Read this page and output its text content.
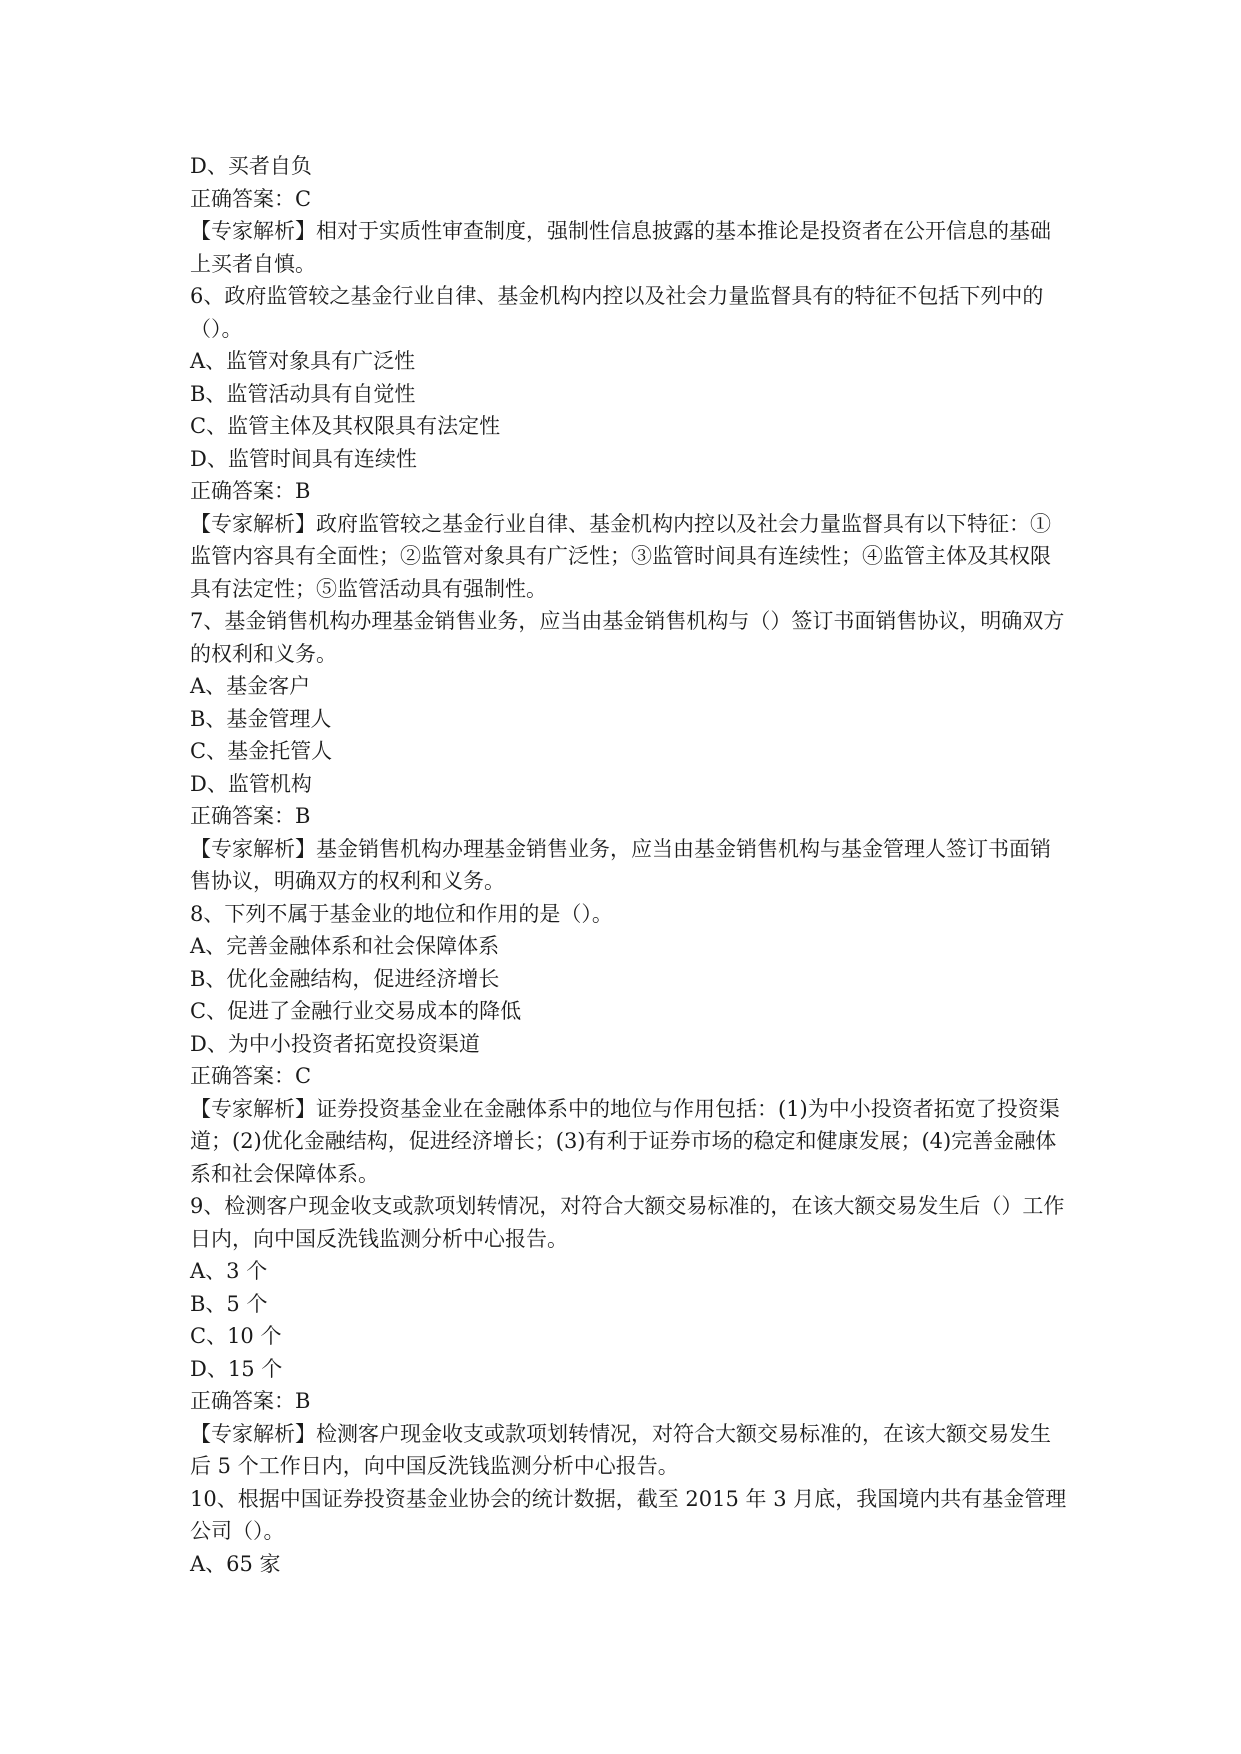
D、买者自负
正确答案：C
【专家解析】相对于实质性审查制度，强制性信息披露的基本推论是投资者在公开信息的基础上买者自慎。
6、政府监管较之基金行业自律、基金机构内控以及社会力量监督具有的特征不包括下列中的（）。
A、监管对象具有广泛性
B、监管活动具有自觉性
C、监管主体及其权限具有法定性
D、监管时间具有连续性
正确答案：B
【专家解析】政府监管较之基金行业自律、基金机构内控以及社会力量监督具有以下特征：①监管内容具有全面性；②监管对象具有广泛性；③监管时间具有连续性；④监管主体及其权限具有法定性；⑤监管活动具有强制性。
7、基金销售机构办理基金销售业务，应当由基金销售机构与（）签订书面销售协议，明确双方的权利和义务。
A、基金客户
B、基金管理人
C、基金托管人
D、监管机构
正确答案：B
【专家解析】基金销售机构办理基金销售业务，应当由基金销售机构与基金管理人签订书面销售协议，明确双方的权利和义务。
8、下列不属于基金业的地位和作用的是（）。
A、完善金融体系和社会保障体系
B、优化金融结构，促进经济增长
C、促进了金融行业交易成本的降低
D、为中小投资者拓宽投资渠道
正确答案：C
【专家解析】证券投资基金业在金融体系中的地位与作用包括：(1)为中小投资者拓宽了投资渠道；(2)优化金融结构，促进经济增长；(3)有利于证券市场的稳定和健康发展；(4)完善金融体系和社会保障体系。
9、检测客户现金收支或款项划转情况，对符合大额交易标准的，在该大额交易发生后（）工作日内，向中国反洗钱监测分析中心报告。
A、3 个
B、5 个
C、10 个
D、15 个
正确答案：B
【专家解析】检测客户现金收支或款项划转情况，对符合大额交易标准的，在该大额交易发生后 5 个工作日内，向中国反洗钱监测分析中心报告。
10、根据中国证券投资基金业协会的统计数据，截至 2015 年 3 月底，我国境内共有基金管理公司（）。
A、65 家
